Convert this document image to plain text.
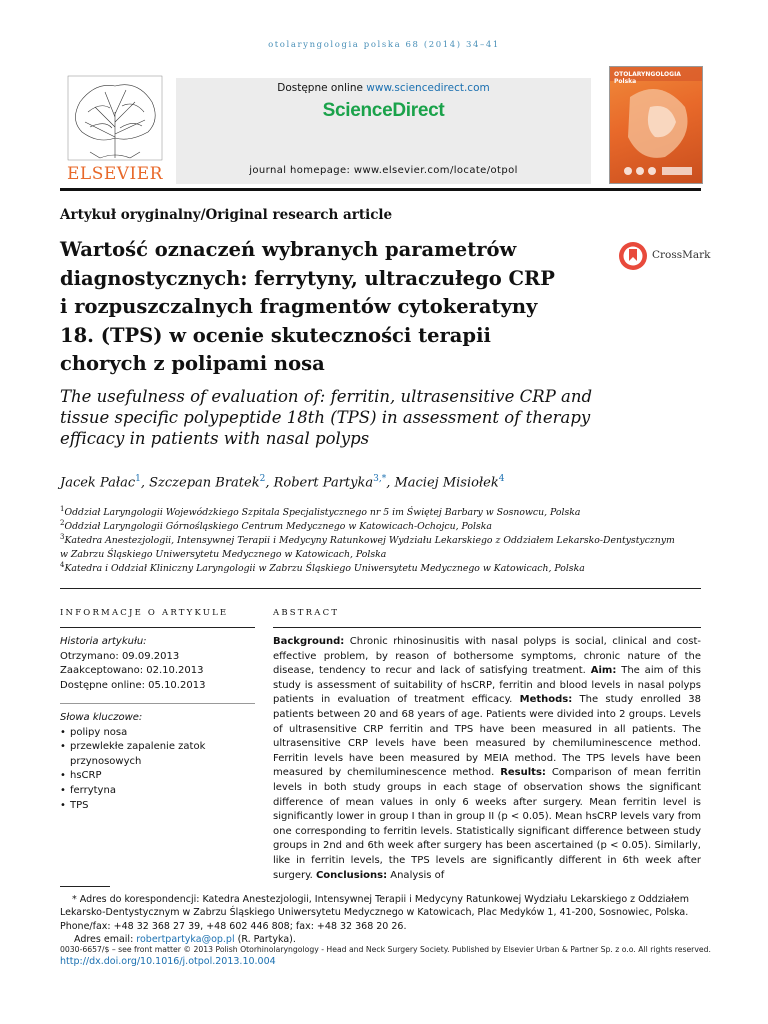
otolaryngologia polska 68 (2014) 34–41
ELSEVIER
Dostępne online www.sciencedirect.com
ScienceDirect
journal homepage: www.elsevier.com/locate/otpol
OTOLARYNGOLOGIA Polska
Artykuł oryginalny/Original research article
Wartość oznaczeń wybranych parametrów diagnostycznych: ferrytyny, ultraczułego CRP i rozpuszczalnych fragmentów cytokeratyny 18. (TPS) w ocenie skuteczności terapii chorych z polipami nosa
CrossMark
The usefulness of evaluation of: ferritin, ultrasensitive CRP and tissue specific polypeptide 18th (TPS) in assessment of therapy efficacy in patients with nasal polyps
Jacek Pałac$^1$, Szczepan Bratek$^2$, Robert Partyka$^{3,*}$, Maciej Misiołek$^4$
$^1$Oddział Laryngologii Wojewódzkiego Szpitala Specjalistycznego nr 5 im Świętej Barbary w Sosnowcu, Polska
$^2$Oddział Laryngologii Górnośląskiego Centrum Medycznego w Katowicach-Ochojcu, Polska
$^3$Katedra Anestezjologii, Intensywnej Terapii i Medycyny Ratunkowej Wydziału Lekarskiego z Oddziałem Lekarsko-Dentystycznym w Zabrzu Śląskiego Uniwersytetu Medycznego w Katowicach, Polska
$^4$Katedra i Oddział Kliniczny Laryngologii w Zabrzu Śląskiego Uniwersytetu Medycznego w Katowicach, Polska
INFORMACJE O ARTYKULE	ABSTRACT
Historia artykułu:
Otrzymano: 09.09.2013
Zaakceptowano: 02.10.2013
Dostępne online: 05.10.2013
Słowa kluczowe:
• polipy nosa
• przewlekłe zapalenie zatok przynosowych
• hsCRP
• ferrytyna
• TPS
Background: Chronic rhinosinusitis with nasal polyps is social, clinical and cost-effective problem, by reason of bothersome symptoms, chronic nature of the disease, tendency to recur and lack of satisfying treatment. Aim: The aim of this study is assessment of suitability of hsCRP, ferritin and blood levels in nasal polyps patients in evaluation of treatment efficacy. Methods: The study enrolled 38 patients between 20 and 68 years of age. Patients were divided into 2 groups. Levels of ultrasensitive CRP ferritin and TPS have been measured in all patients. The ultrasensitive CRP levels have been measured by chemiluminescence method. Ferritin levels have been measured by MEIA method. The TPS levels have been measured by chemiluminescence method. Results: Comparison of mean ferritin levels in both study groups in each stage of observation shows the significant difference of mean values in only 6 weeks after surgery. Mean ferritin level is significantly lower in group I than in group II (p < 0.05). Mean hsCRP levels vary from one corresponding to ferritin levels. Statistically significant difference between study groups in 2nd and 6th week after surgery has been ascertained (p < 0.05). Similarly, like in ferritin levels, the TPS levels are significantly different in 6th week after surgery. Conclusions: Analysis of
* Adres do korespondencji: Katedra Anestezjologii, Intensywnej Terapii i Medycyny Ratunkowej Wydziału Lekarskiego z Oddziałem Lekarsko-Dentystycznym w Zabrzu Śląskiego Uniwersytetu Medycznego w Katowicach, Plac Medyków 1, 41-200, Sosnowiec, Polska. Phone/fax: +48 32 368 27 39, +48 602 446 808; fax: +48 32 368 20 26.
Adres email: robertpartyka@op.pl (R. Partyka).
0030-6657/$ – see front matter © 2013 Polish Otorhinolaryngology - Head and Neck Surgery Society. Published by Elsevier Urban & Partner Sp. z o.o. All rights reserved.
http://dx.doi.org/10.1016/j.otpol.2013.10.004
